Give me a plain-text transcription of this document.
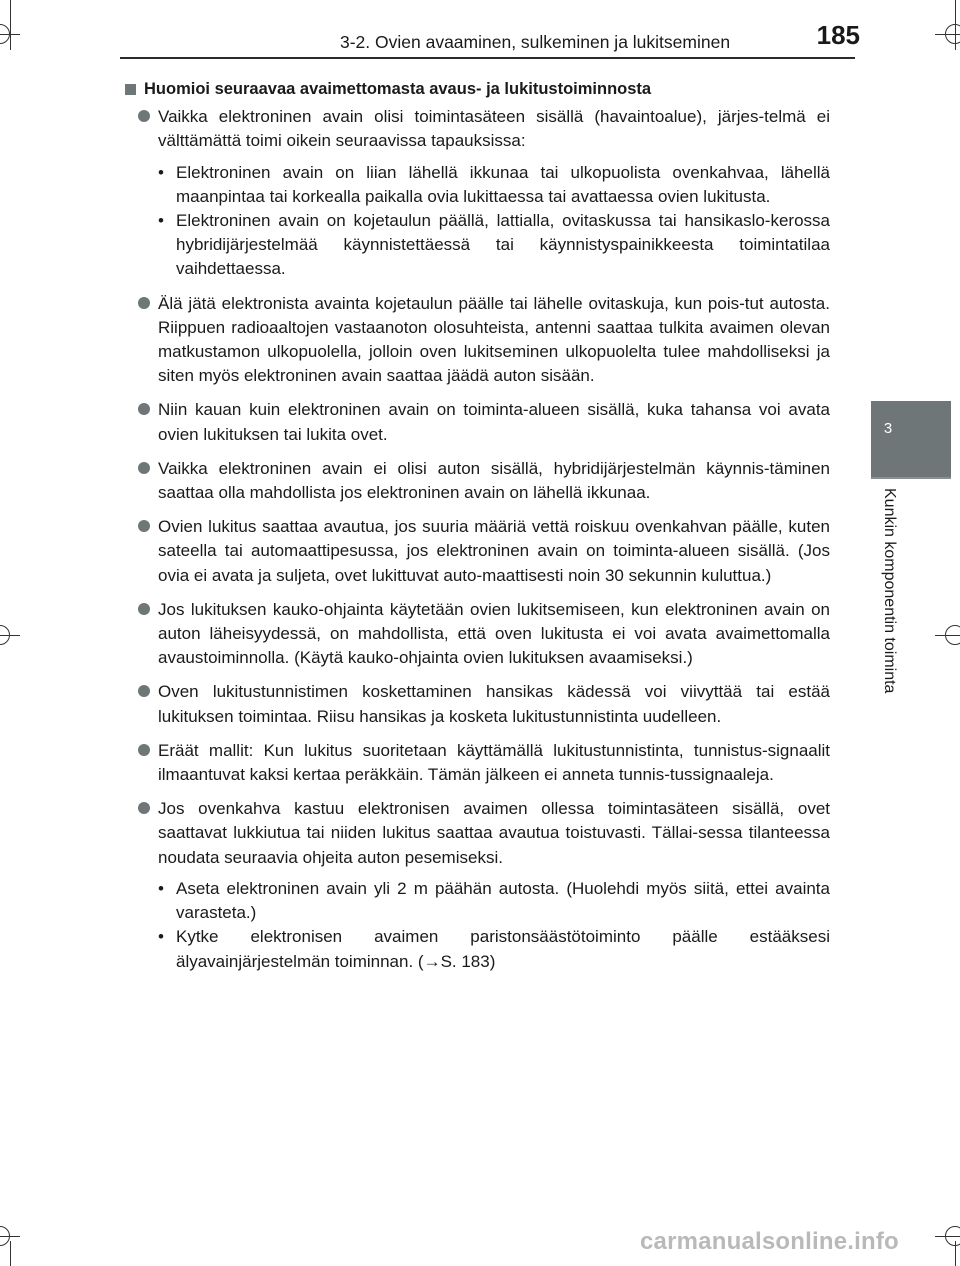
3-2. Ovien avaaminen, sulkeminen ja lukitseminen	185
3
Kunkin komponentin toiminta
Huomioi seuraavaa avaimettomasta avaus- ja lukitustoiminnosta
Vaikka elektroninen avain olisi toimintasäteen sisällä (havaintoalue), järjes-telmä ei välttämättä toimi oikein seuraavissa tapauksissa:
• Elektroninen avain on liian lähellä ikkunaa tai ulkopuolista ovenkahvaa, lähellä maanpintaa tai korkealla paikalla ovia lukittaessa tai avattaessa ovien lukitusta.
• Elektroninen avain on kojetaulun päällä, lattialla, ovitaskussa tai hansikaslo-kerossa hybridijärjestelmää käynnistettäessä tai käynnistyspainikkeesta toimintatilaa vaihdettaessa.
Älä jätä elektronista avainta kojetaulun päälle tai lähelle ovitaskuja, kun pois-tut autosta. Riippuen radioaaltojen vastaanoton olosuhteista, antenni saattaa tulkita avaimen olevan matkustamon ulkopuolella, jolloin oven lukitseminen ulkopuolelta tulee mahdolliseksi ja siten myös elektroninen avain saattaa jäädä auton sisään.
Niin kauan kuin elektroninen avain on toiminta-alueen sisällä, kuka tahansa voi avata ovien lukituksen tai lukita ovet.
Vaikka elektroninen avain ei olisi auton sisällä, hybridijärjestelmän käynnis-täminen saattaa olla mahdollista jos elektroninen avain on lähellä ikkunaa.
Ovien lukitus saattaa avautua, jos suuria määriä vettä roiskuu ovenkahvan päälle, kuten sateella tai automaattipesussa, jos elektroninen avain on toiminta-alueen sisällä. (Jos ovia ei avata ja suljeta, ovet lukittuvat auto-maattisesti noin 30 sekunnin kuluttua.)
Jos lukituksen kauko-ohjainta käytetään ovien lukitsemiseen, kun elektroninen avain on auton läheisyydessä, on mahdollista, että oven lukitusta ei voi avata avaimettomalla avaustoiminnolla. (Käytä kauko-ohjainta ovien lukituksen avaamiseksi.)
Oven lukitustunnistimen koskettaminen hansikas kädessä voi viivyttää tai estää lukituksen toimintaa. Riisu hansikas ja kosketa lukitustunnistinta uudelleen.
Eräät mallit: Kun lukitus suoritetaan käyttämällä lukitustunnistinta, tunnistus-signaalit ilmaantuvat kaksi kertaa peräkkäin. Tämän jälkeen ei anneta tunnis-tussignaaleja.
Jos ovenkahva kastuu elektronisen avaimen ollessa toimintasäteen sisällä, ovet saattavat lukkiutua tai niiden lukitus saattaa avautua toistuvasti. Tällai-sessa tilanteessa noudata seuraavia ohjeita auton pesemiseksi.
• Aseta elektroninen avain yli 2 m päähän autosta. (Huolehdi myös siitä, ettei avainta varasteta.)
• Kytke elektronisen avaimen paristonsäästötoiminto päälle estääksesi älyavainjärjestelmän toiminnan. (→S. 183)
carmanualsonline.info
